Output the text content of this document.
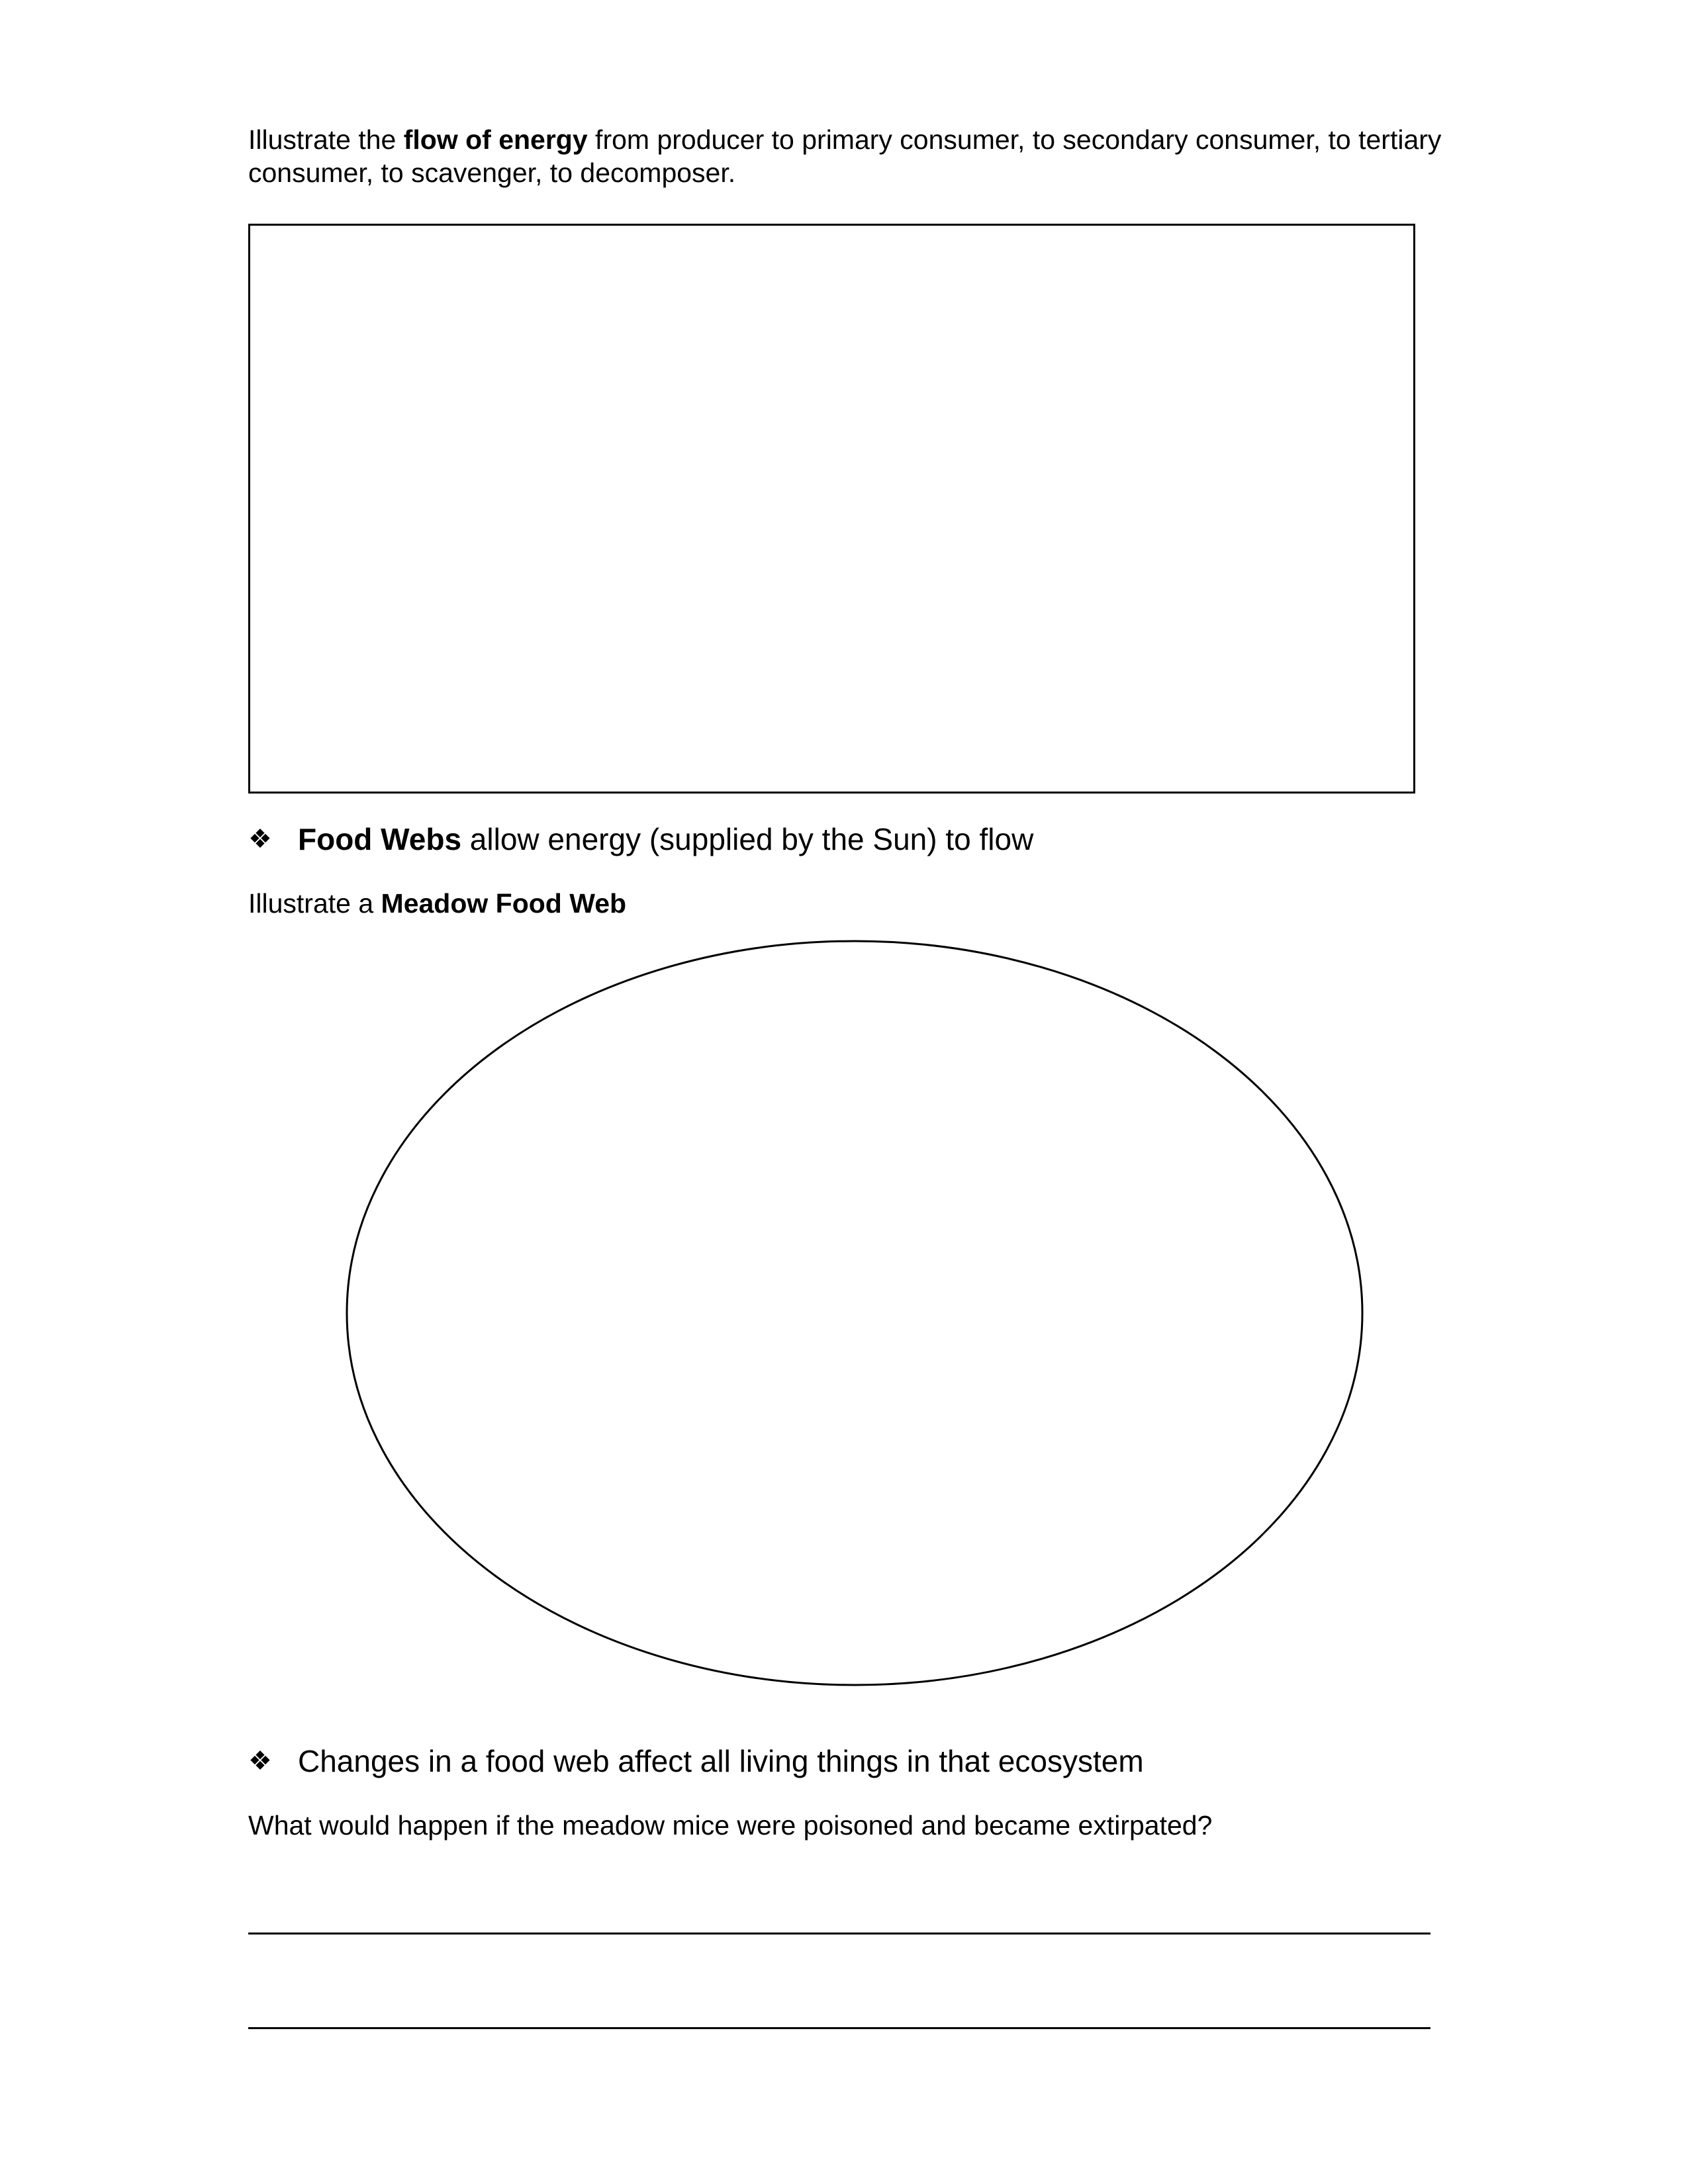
Illustrate the flow of energy from producer to primary consumer, to secondary consumer, to tertiary
consumer, to scavenger, to decomposer.
❖ Food Webs allow energy (supplied by the Sun) to flow
Illustrate a Meadow Food Web
❖ Changes in a food web affect all living things in that ecosystem
What would happen if the meadow mice were poisoned and became extirpated?
